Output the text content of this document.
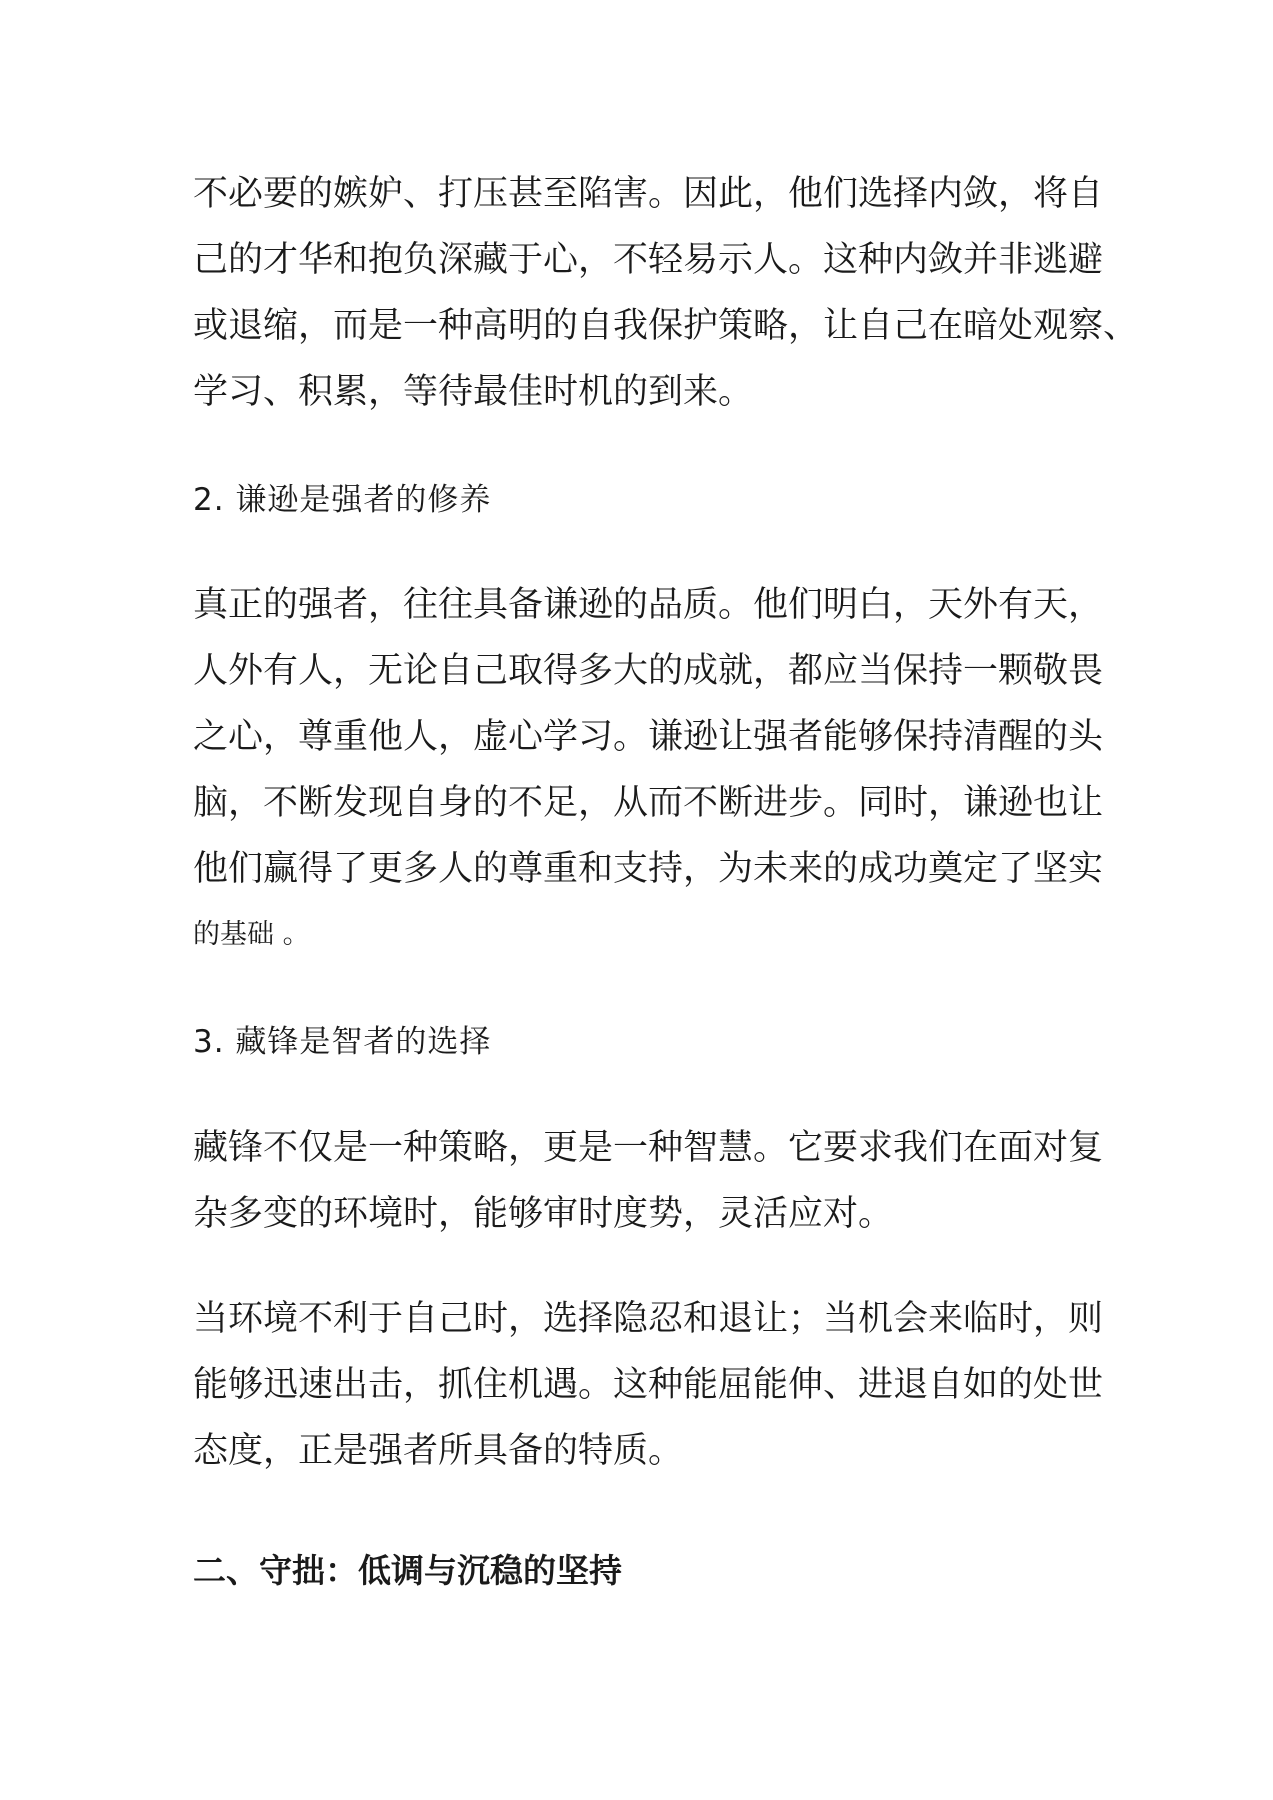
不必要的嫉妒、打压甚至陷害。因此，他们选择内敛，将自
己的才华和抱负深藏于心，不轻易示人。这种内敛并非逃避
或退缩，而是一种高明的自我保护策略，让自己在暗处观察、
学习、积累，等待最佳时机的到来。
2. 谦逊是强者的修养
真正的强者，往往具备谦逊的品质。他们明白，天外有天，
人外有人，无论自己取得多大的成就，都应当保持一颗敬畏
之心，尊重他人，虚心学习。谦逊让强者能够保持清醒的头
脑，不断发现自身的不足，从而不断进步。同时，谦逊也让
他们赢得了更多人的尊重和支持，为未来的成功奠定了坚实
的基础 。
3. 藏锋是智者的选择
藏锋不仅是一种策略，更是一种智慧。它要求我们在面对复
杂多变的环境时，能够审时度势，灵活应对。
当环境不利于自己时，选择隐忍和退让；当机会来临时，则
能够迅速出击，抓住机遇。这种能屈能伸、进退自如的处世
态度，正是强者所具备的特质。
二、守拙：低调与沉稳的坚持
